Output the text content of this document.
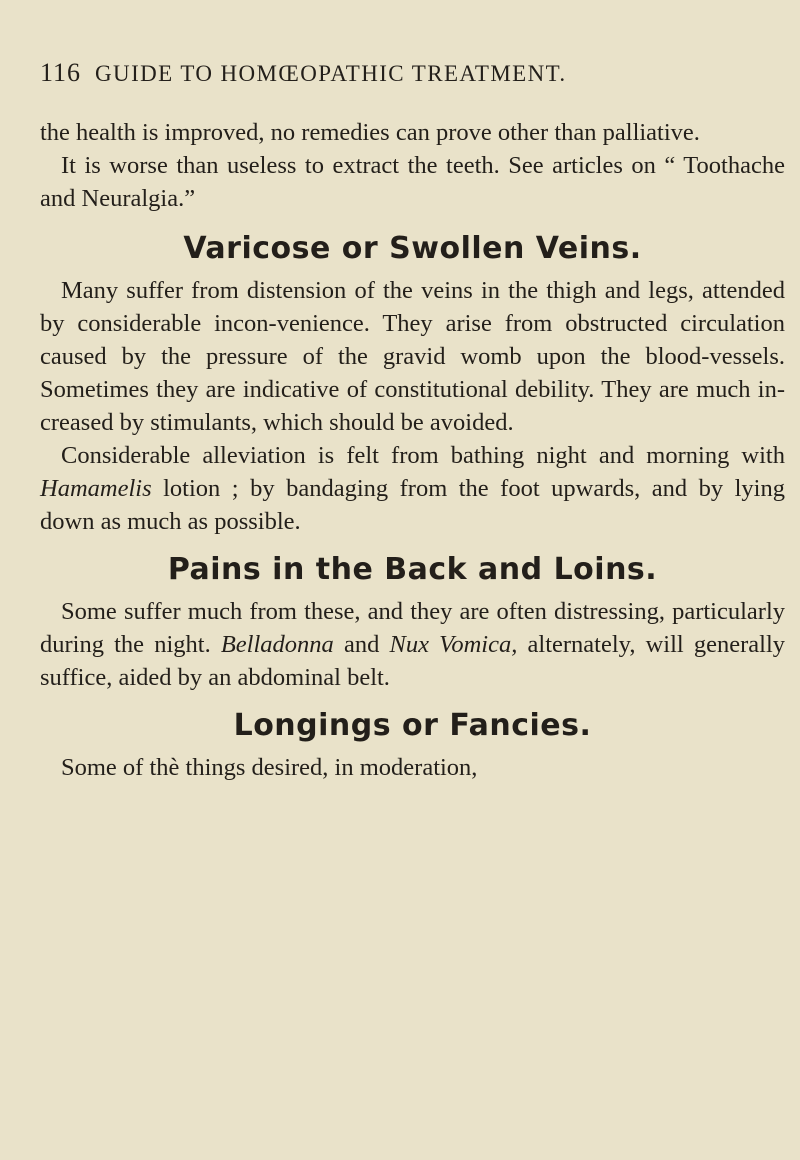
116 GUIDE TO HOMŒOPATHIC TREATMENT.

the health is improved, no remedies can prove other than palliative.

It is worse than useless to extract the teeth. See articles on “ Toothache and Neuralgia.”

Varicose or Swollen Veins.

Many suffer from distension of the veins in the thigh and legs, attended by considerable incon-venience. They arise from obstructed circulation caused by the pressure of the gravid womb upon the blood-vessels. Sometimes they are indicative of constitutional debility. They are much in-creased by stimulants, which should be avoided.

Considerable alleviation is felt from bathing night and morning with Hamamelis lotion ; by bandaging from the foot upwards, and by lying down as much as possible.

Pains in the Back and Loins.

Some suffer much from these, and they are often distressing, particularly during the night. Belladonna and Nux Vomica, alternately, will generally suffice, aided by an abdominal belt.

Longings or Fancies.

Some of thè things desired, in moderation,
